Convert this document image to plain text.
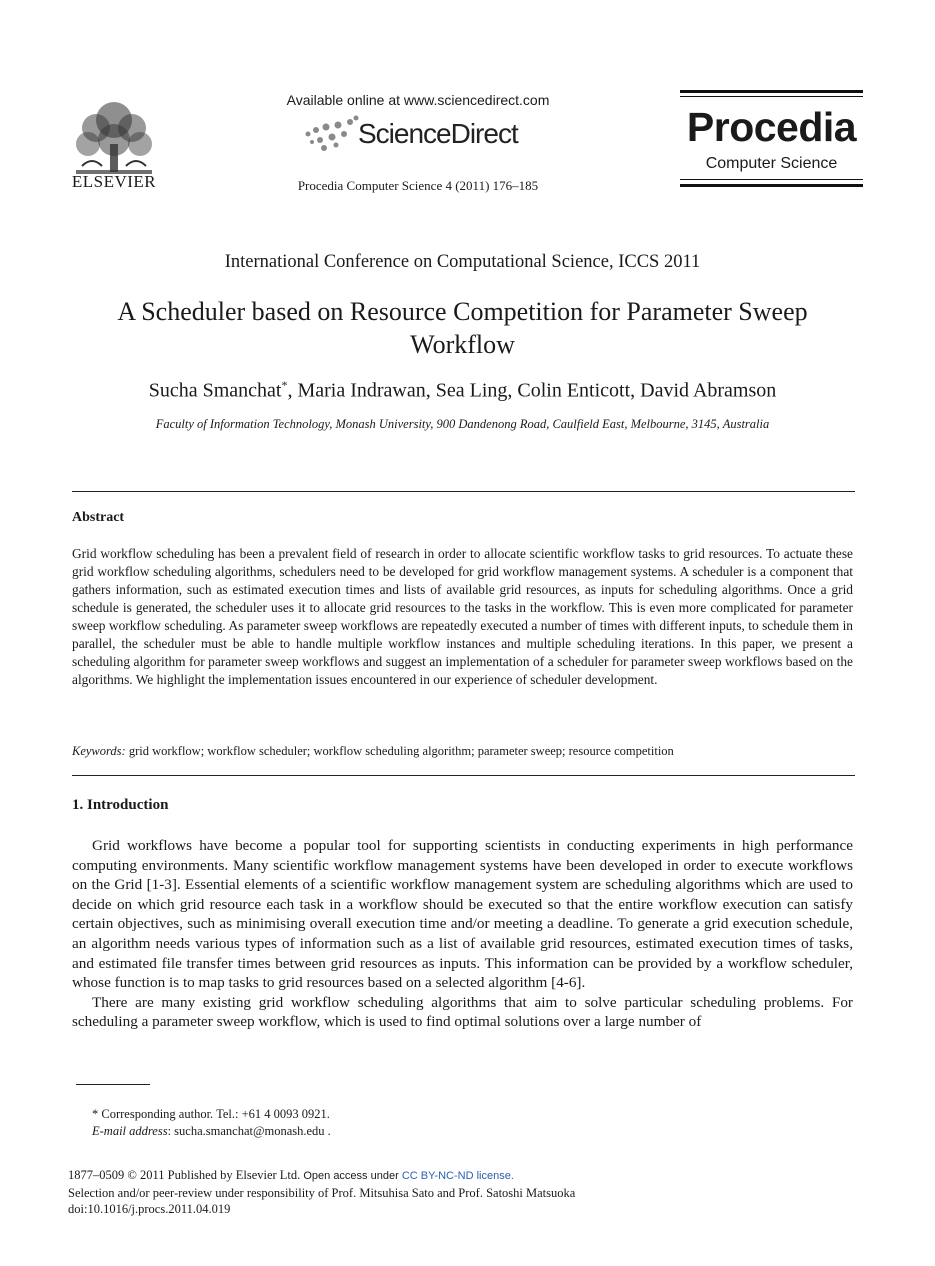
ELSEVIER
Available online at www.sciencedirect.com
ScienceDirect
Procedia Computer Science 4 (2011) 176–185
Procedia
Computer Science
International Conference on Computational Science, ICCS 2011
A Scheduler based on Resource Competition for Parameter Sweep
Workflow
Sucha Smanchat*, Maria Indrawan, Sea Ling, Colin Enticott, David Abramson
Faculty of Information Technology, Monash University, 900 Dandenong Road, Caulfield East, Melbourne, 3145, Australia
Abstract
Grid workflow scheduling has been a prevalent field of research in order to allocate scientific workflow tasks to grid resources. To actuate these grid workflow scheduling algorithms, schedulers need to be developed for grid workflow management systems. A scheduler is a component that gathers information, such as estimated execution times and lists of available grid resources, as inputs for scheduling algorithms. Once a grid schedule is generated, the scheduler uses it to allocate grid resources to the tasks in the workflow. This is even more complicated for parameter sweep workflow scheduling. As parameter sweep workflows are repeatedly executed a number of times with different inputs, to schedule them in parallel, the scheduler must be able to handle multiple workflow instances and multiple scheduling iterations. In this paper, we present a scheduling algorithm for parameter sweep workflows and suggest an implementation of a scheduler for parameter sweep workflows based on the algorithms. We highlight the implementation issues encountered in our experience of scheduler development.
Keywords: grid workflow; workflow scheduler; workflow scheduling algorithm; parameter sweep; resource competition
1. Introduction

Grid workflows have become a popular tool for supporting scientists in conducting experiments in high performance computing environments. Many scientific workflow management systems have been developed in order to execute workflows on the Grid [1-3]. Essential elements of a scientific workflow management system are scheduling algorithms which are used to decide on which grid resource each task in a workflow should be executed so that the entire workflow execution can satisfy certain objectives, such as minimising overall execution time and/or meeting a deadline. To generate a grid execution schedule, an algorithm needs various types of information such as a list of available grid resources, estimated execution times of tasks, and estimated file transfer times between grid resources as inputs. This information can be provided by a workflow scheduler, whose function is to map tasks to grid resources based on a selected algorithm [4-6].

There are many existing grid workflow scheduling algorithms that aim to solve particular scheduling problems. For scheduling a parameter sweep workflow, which is used to find optimal solutions over a large number of

* Corresponding author. Tel.: +61 4 0093 0921.
E-mail address: sucha.smanchat@monash.edu .
1877–0509 © 2011 Published by Elsevier Ltd. Open access under CC BY-NC-ND license.
Selection and/or peer-review under responsibility of Prof. Mitsuhisa Sato and Prof. Satoshi Matsuoka
doi:10.1016/j.procs.2011.04.019
